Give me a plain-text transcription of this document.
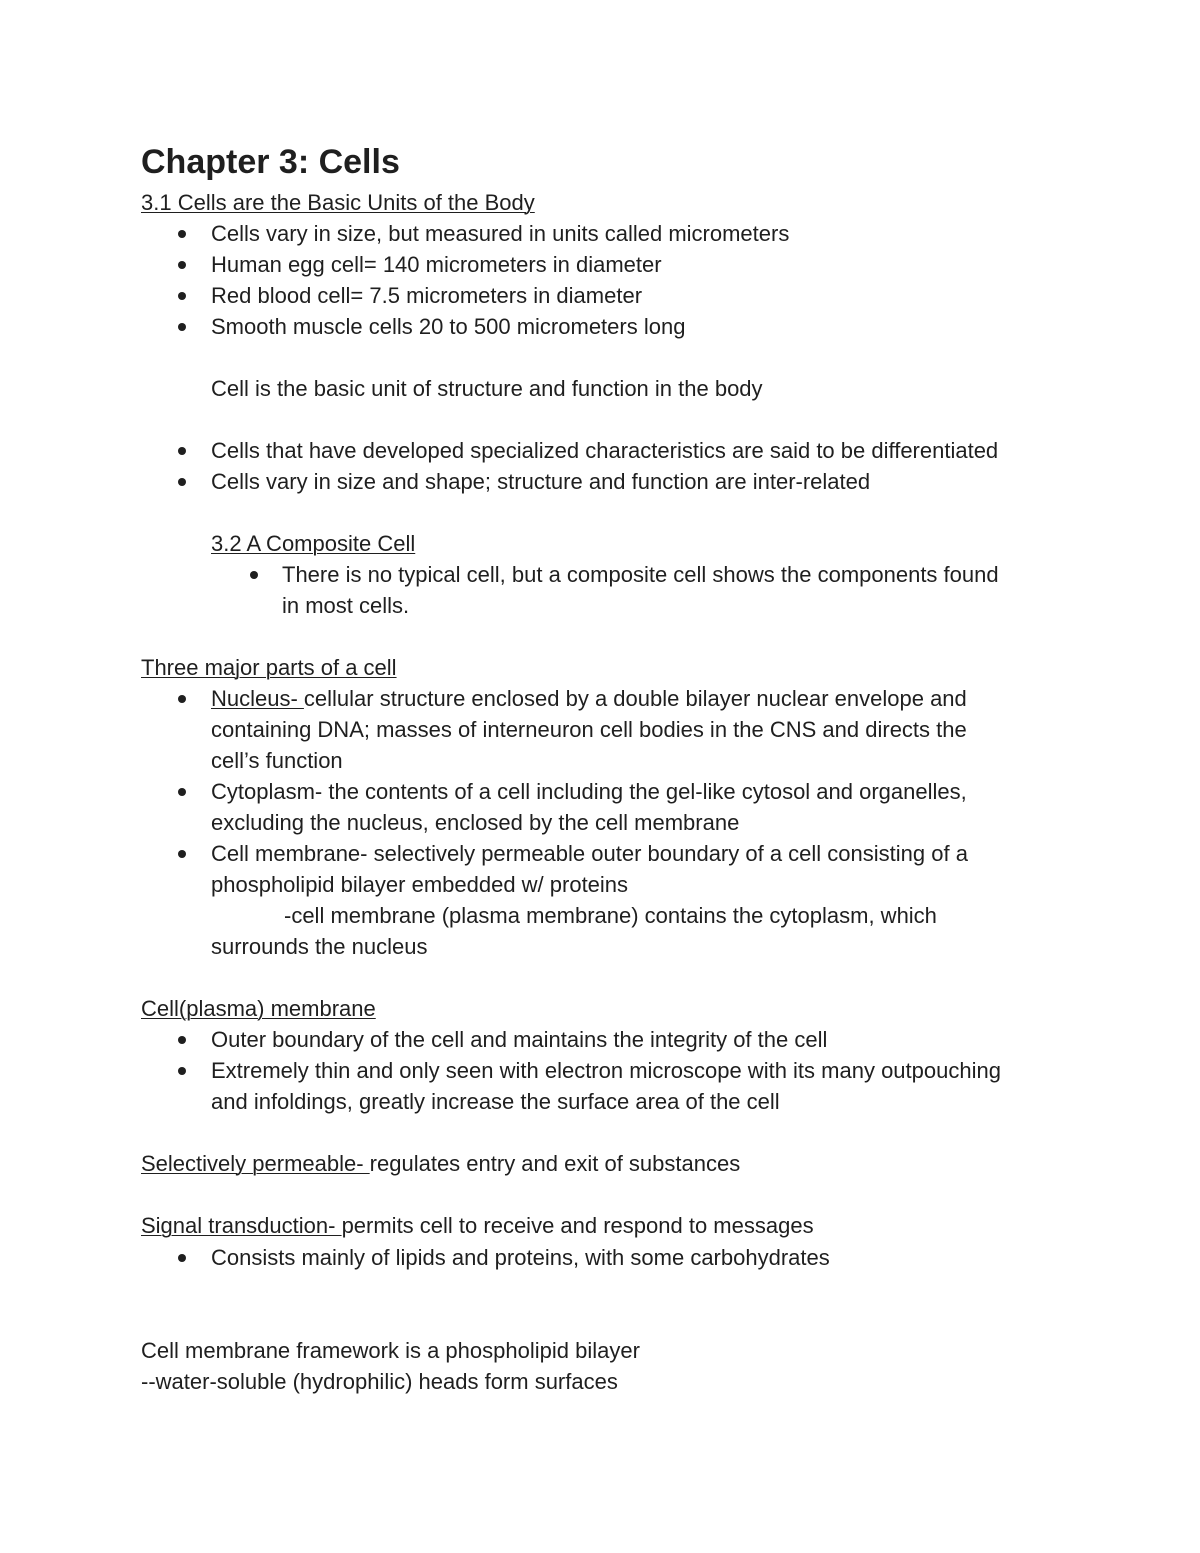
Chapter 3: Cells
3.1 Cells are the Basic Units of the Body
Cells vary in size, but measured in units called micrometers
Human egg cell= 140 micrometers in diameter
Red blood cell= 7.5 micrometers in diameter
Smooth muscle cells 20 to 500 micrometers long
Cell is the basic unit of structure and function in the body
Cells that have developed specialized characteristics are said to be differentiated
Cells vary in size and shape; structure and function are inter-related
3.2 A Composite Cell
There is no typical cell, but a composite cell shows the components found
in most cells.
Three major parts of a cell
Nucleus- cellular structure enclosed by a double bilayer nuclear envelope and
containing DNA; masses of interneuron cell bodies in the CNS and directs the
cell’s function
Cytoplasm- the contents of a cell including the gel-like cytosol and organelles,
excluding the nucleus, enclosed by the cell membrane
Cell membrane- selectively permeable outer boundary of a cell consisting of a
phospholipid bilayer embedded w/ proteins
-cell membrane (plasma membrane) contains the cytoplasm, which
surrounds the nucleus
Cell(plasma) membrane
Outer boundary of the cell and maintains the integrity of the cell
Extremely thin and only seen with electron microscope with its many outpouching
and infoldings, greatly increase the surface area of the cell
Selectively permeable- regulates entry and exit of substances
Signal transduction- permits cell to receive and respond to messages
Consists mainly of lipids and proteins, with some carbohydrates
Cell membrane framework is a phospholipid bilayer
--water-soluble (hydrophilic) heads form surfaces
